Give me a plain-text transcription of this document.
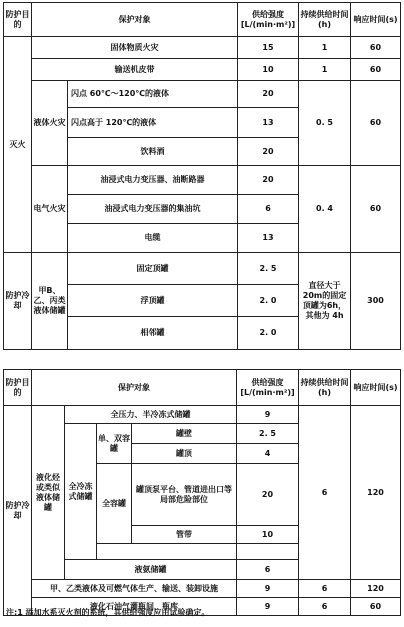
防护目的	保护对象		供给强度
[L/(min·m²)]	持续供给时间(h)	响应时间(s)
灭火	固体物质火灾		15	1	60
	输送机皮带		10	1	60
	液体火灾	闪点 60℃～120℃的液体	20	0. 5	60
		闪点高于 120℃的液体	13		
		饮料酒	20		
	电气火灾	油浸式电力变压器、油断路器	20	0. 4	60
		油浸式电力变压器的集油坑	6		
		电缆	13		
防护冷却	甲B、乙、丙类液体储罐	固定顶罐	2. 5	直径大于20m的固定顶罐为6h，其他为 4h	300
		浮顶罐	2. 0		
		相邻罐	2. 0		
防护目的	保护对象				供给强度
[L/(min·m²)]	持续供给时间(h)	响应时间(s)
防护冷却	液化烃或类似液体储罐	全压力、半冷冻式储罐			9	6	120
		全冷冻式储罐	单、双容罐	罐壁	2. 5		
				罐顶	4		
			全容罐	罐顶泵平台、管道进出口等局部危险部位	20		
				管带	10		

		液氨储罐			6		
	甲、乙类液体及可燃气体生产、输送、装卸设施				9	6	120
	液化石油气灌瓶间、瓶库				9	6	60
注:1 添加水系灭火剂的系统，其供给强度应由试验确定。
